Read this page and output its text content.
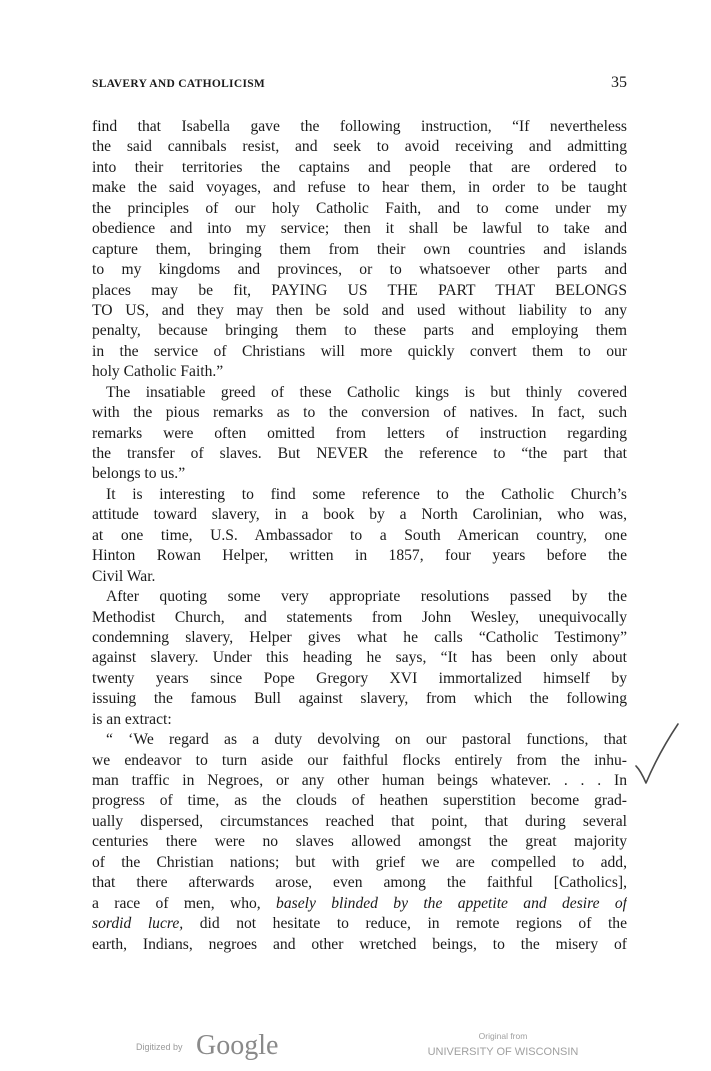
SLAVERY AND CATHOLICISM	35
find that Isabella gave the following instruction, “If nevertheless
the said cannibals resist, and seek to avoid receiving and admitting
into their territories the captains and people that are ordered to
make the said voyages, and refuse to hear them, in order to be taught
the principles of our holy Catholic Faith, and to come under my
obedience and into my service; then it shall be lawful to take and
capture them, bringing them from their own countries and islands
to my kingdoms and provinces, or to whatsoever other parts and
places may be fit, PAYING US THE PART THAT BELONGS
TO US, and they may then be sold and used without liability to any
penalty, because bringing them to these parts and employing them
in the service of Christians will more quickly convert them to our
holy Catholic Faith.”
The insatiable greed of these Catholic kings is but thinly covered
with the pious remarks as to the conversion of natives. In fact, such
remarks were often omitted from letters of instruction regarding
the transfer of slaves. But NEVER the reference to “the part that
belongs to us.”
It is interesting to find some reference to the Catholic Church’s
attitude toward slavery, in a book by a North Carolinian, who was,
at one time, U.S. Ambassador to a South American country, one
Hinton Rowan Helper, written in 1857, four years before the
Civil War.
After quoting some very appropriate resolutions passed by the
Methodist Church, and statements from John Wesley, unequivocally
condemning slavery, Helper gives what he calls “Catholic Testimony”
against slavery. Under this heading he says, “It has been only about
twenty years since Pope Gregory XVI immortalized himself by
issuing the famous Bull against slavery, from which the following
is an extract:
“ ‘We regard as a duty devolving on our pastoral functions, that
we endeavor to turn aside our faithful flocks entirely from the inhu-
man traffic in Negroes, or any other human beings whatever. . . . In
progress of time, as the clouds of heathen superstition become grad-
ually dispersed, circumstances reached that point, that during several
centuries there were no slaves allowed amongst the great majority
of the Christian nations; but with grief we are compelled to add,
that there afterwards arose, even among the faithful [Catholics],
a race of men, who, basely blinded by the appetite and desire of
sordid lucre, did not hesitate to reduce, in remote regions of the
earth, Indians, negroes and other wretched beings, to the misery of
Digitized by Google	Original from
UNIVERSITY OF WISCONSIN
